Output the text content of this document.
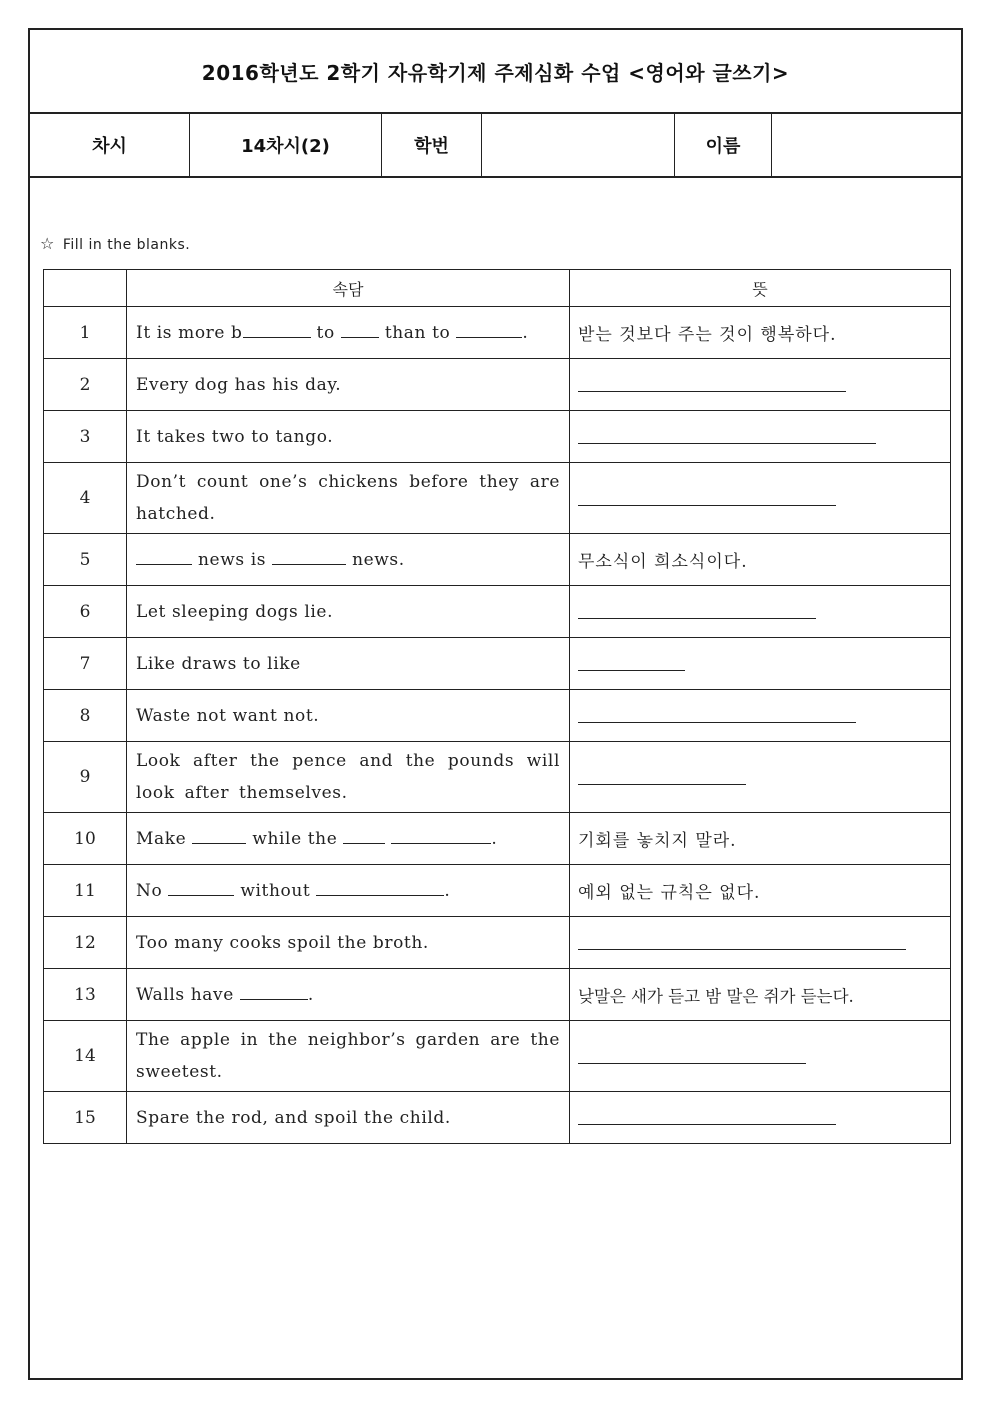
2016학년도 2학기 자유학기제 주제심화 수업 <영어와 글쓰기>
차시	14차시(2)	학번	이름
☆ Fill in the blanks.
	속담	뜻
1	It is more b to  than to .	받는 것보다 주는 것이 행복하다.
2	Every dog has his day.	

3	It takes two to tango.	

4	Don’t count one’s chickens before they are hatched.	

5	news is news.	무소식이 희소식이다.
6	Let sleeping dogs lie.	

7	Like draws to like	

8	Waste not want not.	

9	Look after the pence and the pounds will look after themselves.	

10	Make while the .	기회를 놓치지 말라.
11	No without .	예외 없는 규칙은 없다.
12	Too many cooks spoil the broth.	

13	Walls have .	낮말은 새가 듣고 밤 말은 쥐가 듣는다.
14	The apple in the neighbor’s garden are the sweetest.	

15	Spare the rod, and spoil the child.	
